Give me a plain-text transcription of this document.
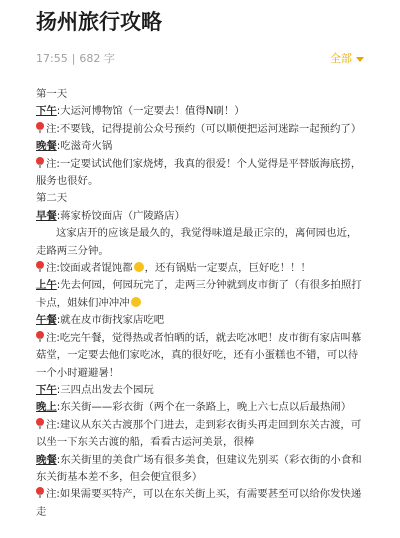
扬州旅行攻略
17:55 | 682 字	全部

第一天

下午:大运河博物馆（一定要去！值得N刷！）

注:不要钱，记得提前公众号预约（可以顺便把运河迷踪一起预约了）

晚餐:吃滋奇火锅

注:一定要试试他们家烧烤，我真的很爱！个人觉得是平替版海底捞，

服务也很好。

第二天

早餐:蒋家桥饺面店（广陵路店）

这家店开的应该是最久的，我觉得味道是最正宗的，离何园也近，

走路两三分钟。

注:饺面或者馄饨都 ，还有锅贴一定要点，巨好吃！！！

上午:先去何园，何园玩完了，走两三分钟就到皮市街了（有很多拍照打

卡点，姐妹们冲冲冲

午餐:就在皮市街找家店吃吧

注:吃完午餐，觉得热或者怕晒的话，就去吃冰吧！皮市街有家店叫慕

菇堂，一定要去他们家吃冰，真的很好吃，还有小蛋糕也不错，可以待

一个小时避避暑！

下午:三四点出发去个园玩

晚上:东关街——彩衣街（两个在一条路上，晚上六七点以后最热闹）

注:建议从东关古渡那个门进去，走到彩衣街头再走回到东关古渡，可

以坐一下东关古渡的船，看看古运河美景，很棒

晚餐:东关街里的美食广场有很多美食，但建议先别买（彩衣街的小食和

东关街基本差不多，但会便宜很多）

注:如果需要买特产，可以在东关街上买，有需要甚至可以给你发快递

走
